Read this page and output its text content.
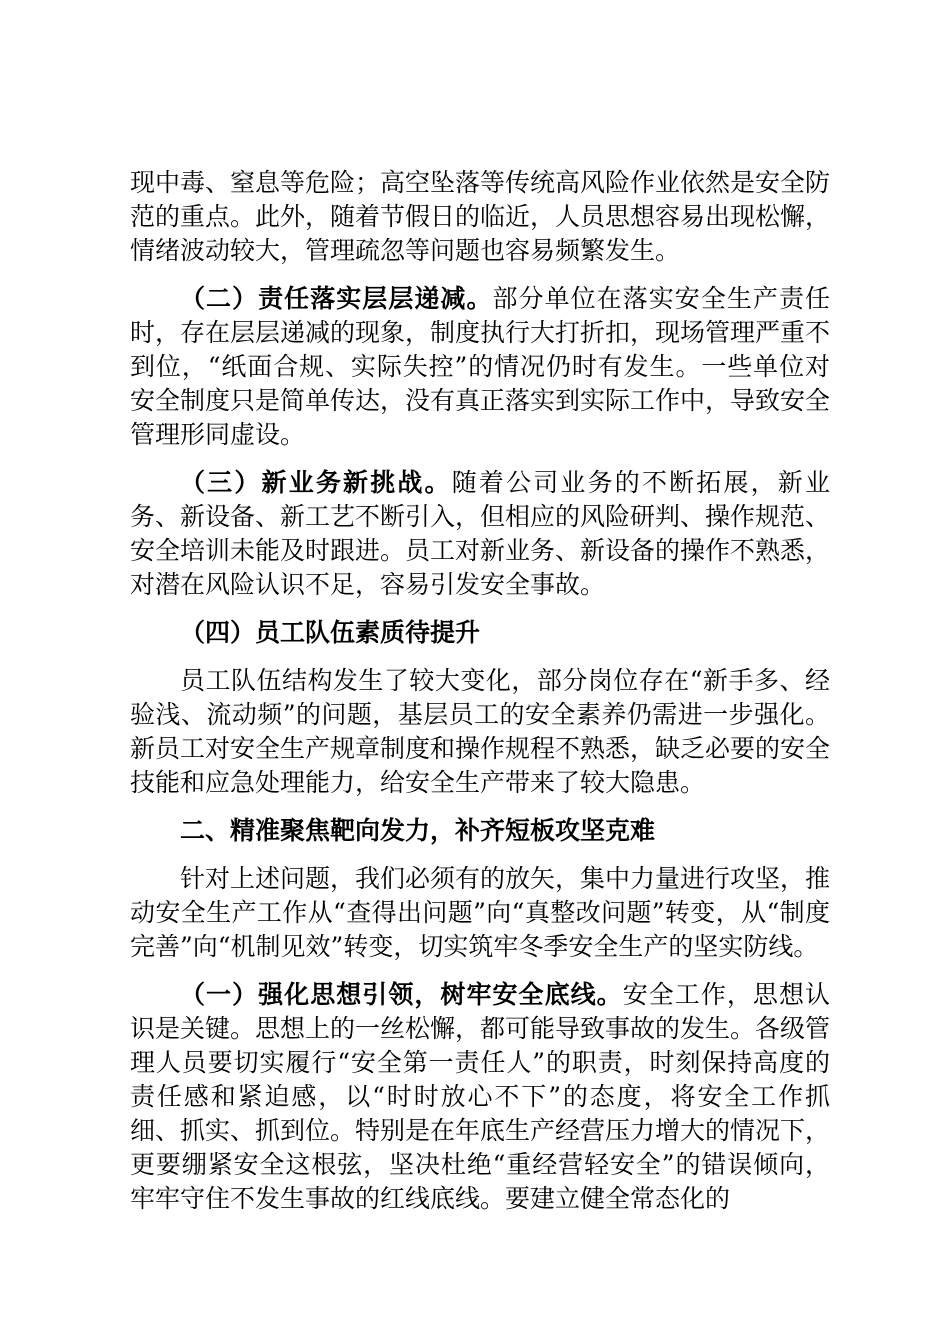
现中毒、窒息等危险；高空坠落等传统高风险作业依然是安全防范的重点。此外，随着节假日的临近，人员思想容易出现松懈，情绪波动较大，管理疏忽等问题也容易频繁发生。

（二）责任落实层层递减。部分单位在落实安全生产责任时，存在层层递减的现象，制度执行大打折扣，现场管理严重不到位，“纸面合规、实际失控”的情况仍时有发生。一些单位对安全制度只是简单传达，没有真正落实到实际工作中，导致安全管理形同虚设。

（三）新业务新挑战。随着公司业务的不断拓展，新业务、新设备、新工艺不断引入，但相应的风险研判、操作规范、安全培训未能及时跟进。员工对新业务、新设备的操作不熟悉，对潜在风险认识不足，容易引发安全事故。

（四）员工队伍素质待提升

员工队伍结构发生了较大变化，部分岗位存在“新手多、经验浅、流动频”的问题，基层员工的安全素养仍需进一步强化。新员工对安全生产规章制度和操作规程不熟悉，缺乏必要的安全技能和应急处理能力，给安全生产带来了较大隐患。

二、精准聚焦靶向发力，补齐短板攻坚克难

针对上述问题，我们必须有的放矢，集中力量进行攻坚，推动安全生产工作从“查得出问题”向“真整改问题”转变，从“制度完善”向“机制见效”转变，切实筑牢冬季安全生产的坚实防线。

（一）强化思想引领，树牢安全底线。安全工作，思想认识是关键。思想上的一丝松懈，都可能导致事故的发生。各级管理人员要切实履行“安全第一责任人”的职责，时刻保持高度的责任感和紧迫感，以“时时放心不下”的态度，将安全工作抓细、抓实、抓到位。特别是在年底生产经营压力增大的情况下，更要绷紧安全这根弦，坚决杜绝“重经营轻安全”的错误倾向，牢牢守住不发生事故的红线底线。要建立健全常态化的
